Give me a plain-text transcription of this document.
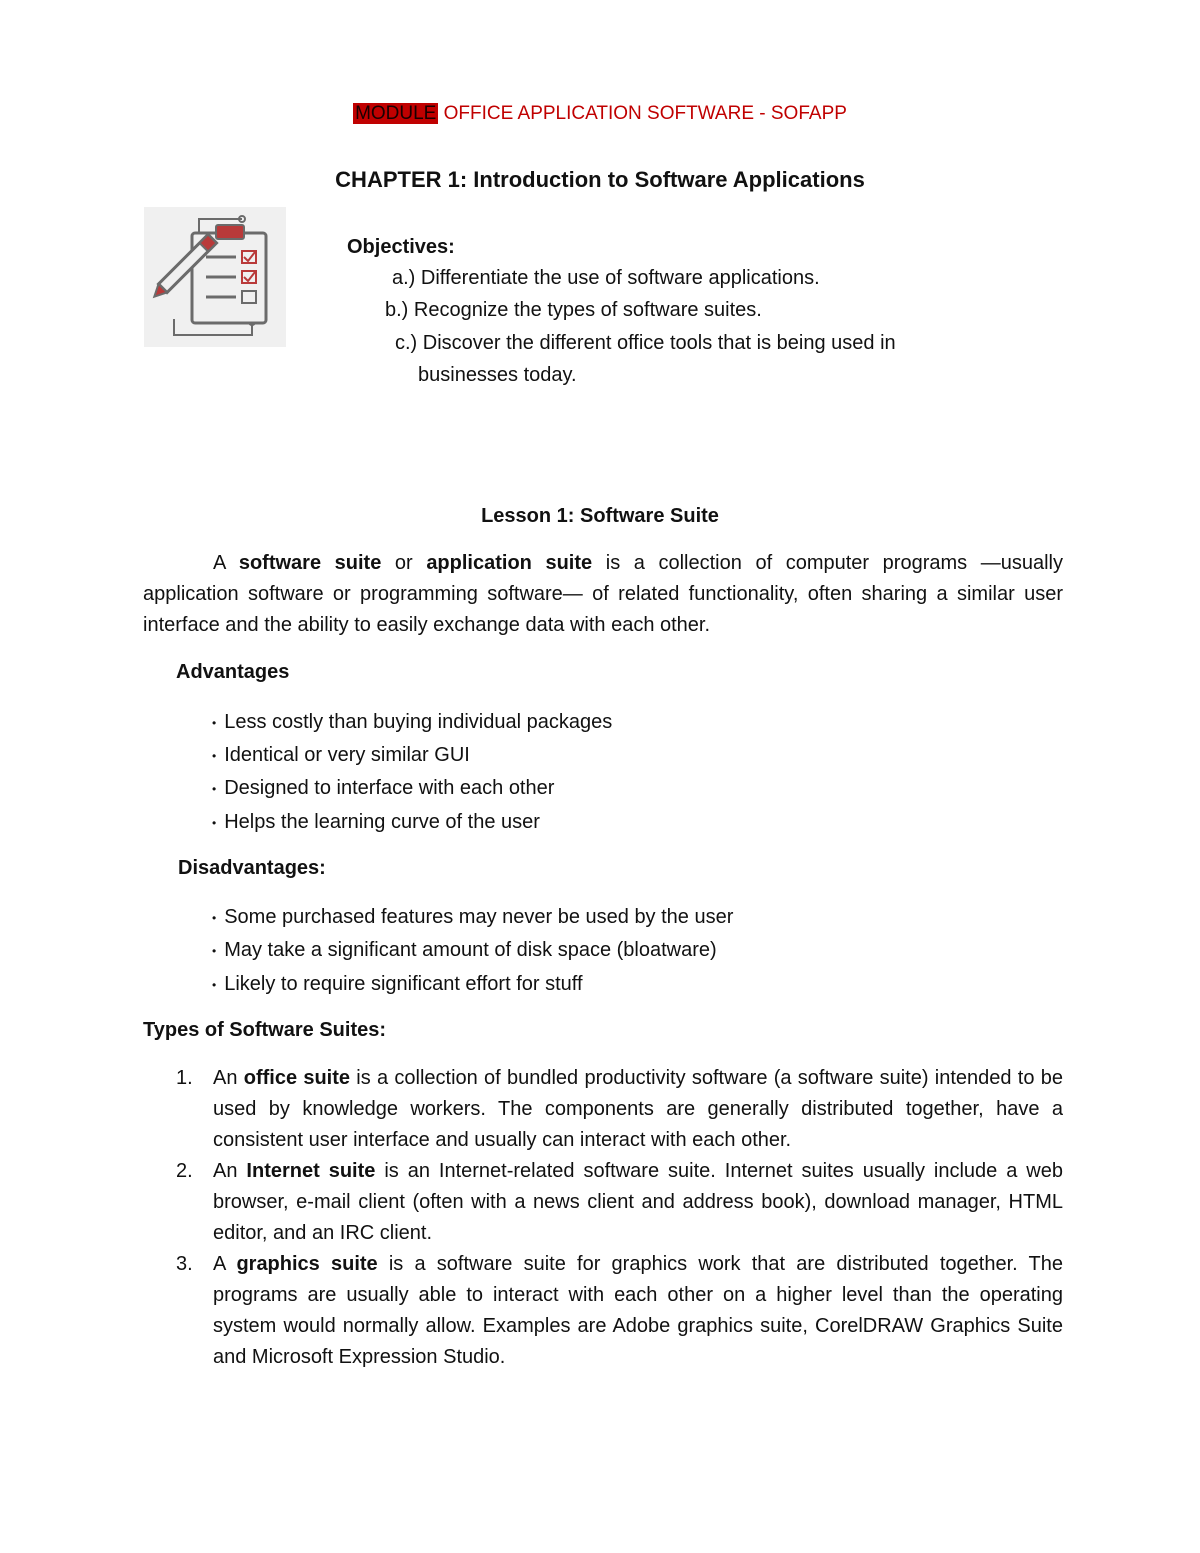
MODULE OFFICE APPLICATION SOFTWARE - SOFAPP
CHAPTER 1: Introduction to Software Applications
Objectives:
a.) Differentiate the use of software applications.
b.) Recognize the types of software suites.
c.) Discover the different office tools that is being used in
businesses today.
Lesson 1: Software Suite
A software suite or application suite is a collection of computer programs —usually application software or programming software— of related functionality, often sharing a similar user interface and the ability to easily exchange data with each other.
Advantages
• Less costly than buying individual packages
• Identical or very similar GUI
• Designed to interface with each other
• Helps the learning curve of the user
Disadvantages:
• Some purchased features may never be used by the user
• May take a significant amount of disk space (bloatware)
• Likely to require significant effort for stuff
Types of Software Suites:
1. An office suite is a collection of bundled productivity software (a software suite) intended to be used by knowledge workers. The components are generally distributed together, have a consistent user interface and usually can interact with each other.
2. An Internet suite is an Internet-related software suite. Internet suites usually include a web browser, e-mail client (often with a news client and address book), download manager, HTML editor, and an IRC client.
3. A graphics suite is a software suite for graphics work that are distributed together. The programs are usually able to interact with each other on a higher level than the operating system would normally allow. Examples are Adobe graphics suite, CorelDRAW Graphics Suite and Microsoft Expression Studio.
